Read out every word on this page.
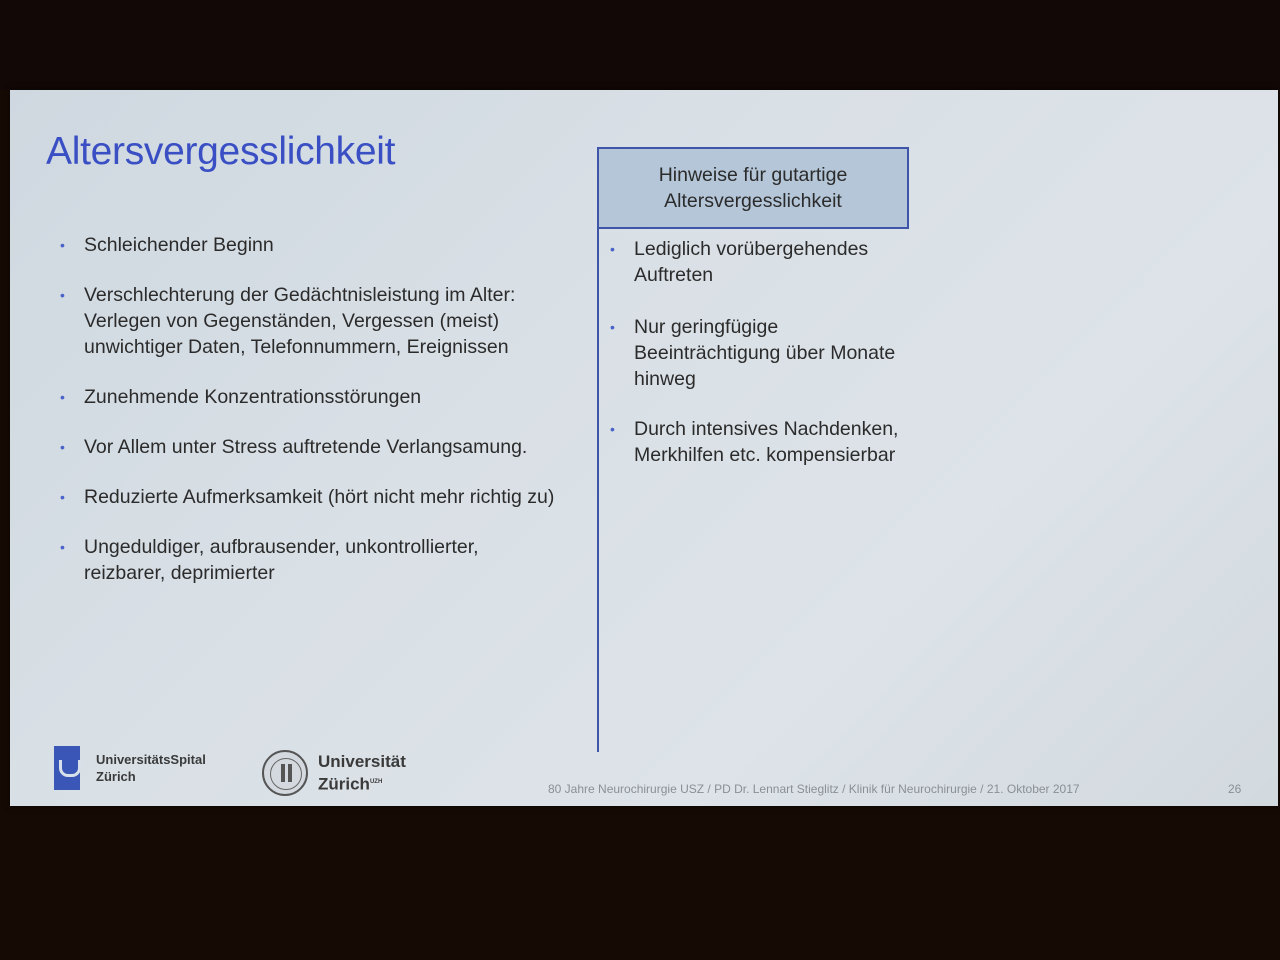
Altersvergesslichkeit
• Schleichender Beginn
• Verschlechterung der Gedächtnisleistung im Alter: Verlegen von Gegenständen, Vergessen (meist) unwichtiger Daten, Telefonnummern, Ereignissen
• Zunehmende Konzentrationsstörungen
• Vor Allem unter Stress auftretende Verlangsamung.
• Reduzierte Aufmerksamkeit (hört nicht mehr richtig zu)
• Ungeduldiger, aufbrausender, unkontrollierter, reizbarer, deprimierter
Hinweise für gutartige
Altersvergesslichkeit
• Lediglich vorübergehendes Auftreten
• Nur geringfügige Beeinträchtigung über Monate hinweg
• Durch intensives Nachdenken, Merkhilfen etc. kompensierbar
UniversitätsSpital
Zürich
Universität
Zürich$^{UZH}$
80 Jahre Neurochirurgie USZ / PD Dr. Lennart Stieglitz / Klinik für Neurochirurgie / 21. Oktober 2017	26
